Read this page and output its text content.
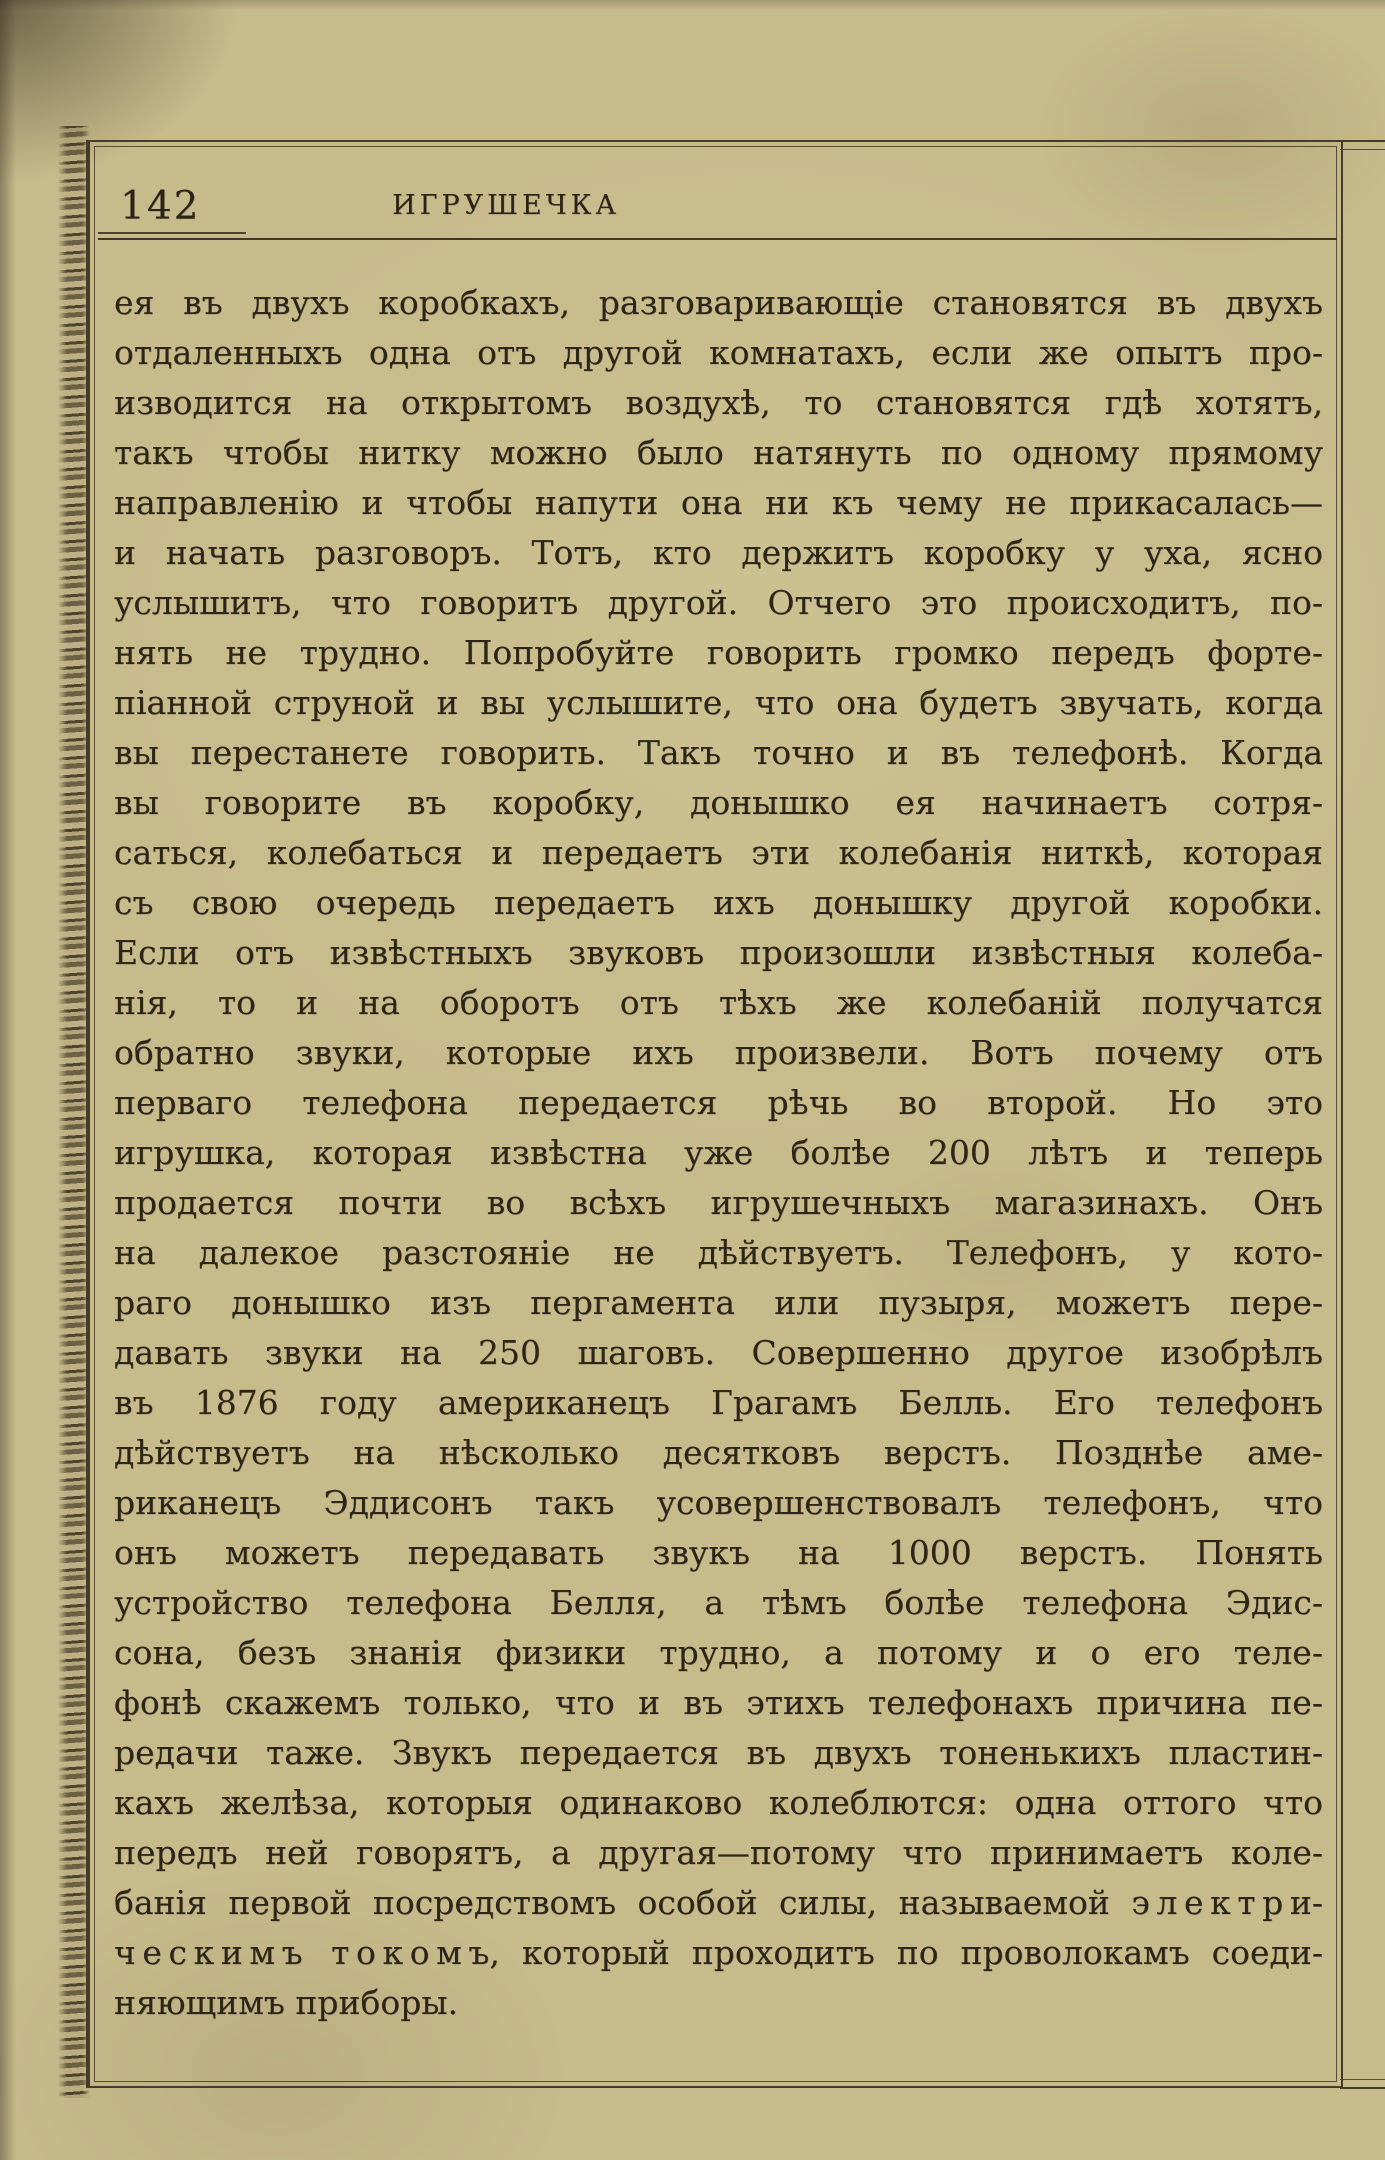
142	ИГРУШЕЧКА
ея въ двухъ коробкахъ, разговаривающіе становятся въ двухъ
отдаленныхъ одна отъ другой комнатахъ, если же опытъ про-
изводится на открытомъ воздухѣ, то становятся гдѣ хотятъ,
такъ чтобы нитку можно было натянуть по одному прямому
направленію и чтобы напути она ни къ чему не прикасалась—
и начать разговоръ. Тотъ, кто держитъ коробку у уха, ясно
услышитъ, что говоритъ другой. Отчего это происходитъ, по-
нять не трудно. Попробуйте говорить громко передъ форте-
піанной струной и вы услышите, что она будетъ звучать, когда
вы перестанете говорить. Такъ точно и въ телефонѣ. Когда
вы говорите въ коробку, донышко ея начинаетъ сотря-
саться, колебаться и передаетъ эти колебанія ниткѣ, которая
съ свою очередь передаетъ ихъ донышку другой коробки.
Если отъ извѣстныхъ звуковъ произошли извѣстныя колеба-
нія, то и на оборотъ отъ тѣхъ же колебаній получатся
обратно звуки, которые ихъ произвели. Вотъ почему отъ
перваго телефона передается рѣчь во второй. Но это
игрушка, которая извѣстна уже болѣе 200 лѣтъ и теперь
продается почти во всѣхъ игрушечныхъ магазинахъ. Онъ
на далекое разстояніе не дѣйствуетъ. Телефонъ, у кото-
раго донышко изъ пергамента или пузыря, можетъ пере-
давать звуки на 250 шаговъ. Совершенно другое изобрѣлъ
въ 1876 году американецъ Грагамъ Белль. Его телефонъ
дѣйствуетъ на нѣсколько десятковъ верстъ. Позднѣе аме-
риканецъ Эддисонъ такъ усовершенствовалъ телефонъ, что
онъ можетъ передавать звукъ на 1000 верстъ. Понять
устройство телефона Белля, а тѣмъ болѣе телефона Эдис-
сона, безъ знанія физики трудно, а потому и о его теле-
фонѣ скажемъ только, что и въ этихъ телефонахъ причина пе-
редачи таже. Звукъ передается въ двухъ тоненькихъ пластин-
кахъ желѣза, которыя одинаково колеблются: одна оттого что
передъ ней говорятъ, а другая—потому что принимаетъ коле-
банія первой посредствомъ особой силы, называемой э л е к т р и-
ч е с к и м ъ  т о к о м ъ, который проходитъ по проволокамъ соеди-
няющимъ приборы.
